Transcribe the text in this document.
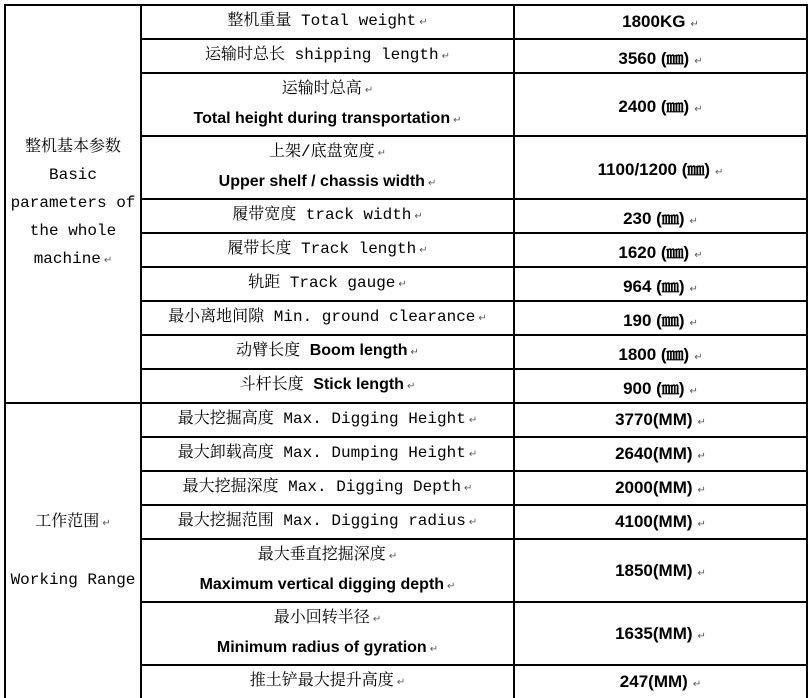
整机基本参数
Basic
parameters of
the whole
machine ↵	整机重量 Total weight ↵	1800KG ↵

	运输时总长 shipping length ↵	3560 (㎜) ↵

	运输时总高 ↵
Total height during transportation ↵	2400 (㎜) ↵

	上架/底盘宽度 ↵
Upper shelf / chassis width ↵	1100/1200 (㎜) ↵

	履带宽度 track width ↵	230 (㎜) ↵

	履带长度 Track length ↵	1620 (㎜) ↵

	轨距 Track gauge ↵	964 (㎜) ↵

	最小离地间隙 Min. ground clearance ↵	190 (㎜) ↵

	动臂长度 Boom length ↵	1800 (㎜) ↵

	斗杆长度 Stick length ↵	900 (㎜) ↵

工作范围 ↵

Working Range	最大挖掘高度 Max. Digging Height ↵	3770(MM) ↵

	最大卸载高度 Max. Dumping Height ↵	2640(MM) ↵

	最大挖掘深度 Max. Digging Depth ↵	2000(MM) ↵

	最大挖掘范围 Max. Digging radius ↵	4100(MM) ↵

	最大垂直挖掘深度 ↵
Maximum vertical digging depth ↵	1850(MM) ↵

	最小回转半径 ↵
Minimum radius of gyration ↵	1635(MM) ↵

	推土铲最大提升高度 ↵	247(MM) ↵
